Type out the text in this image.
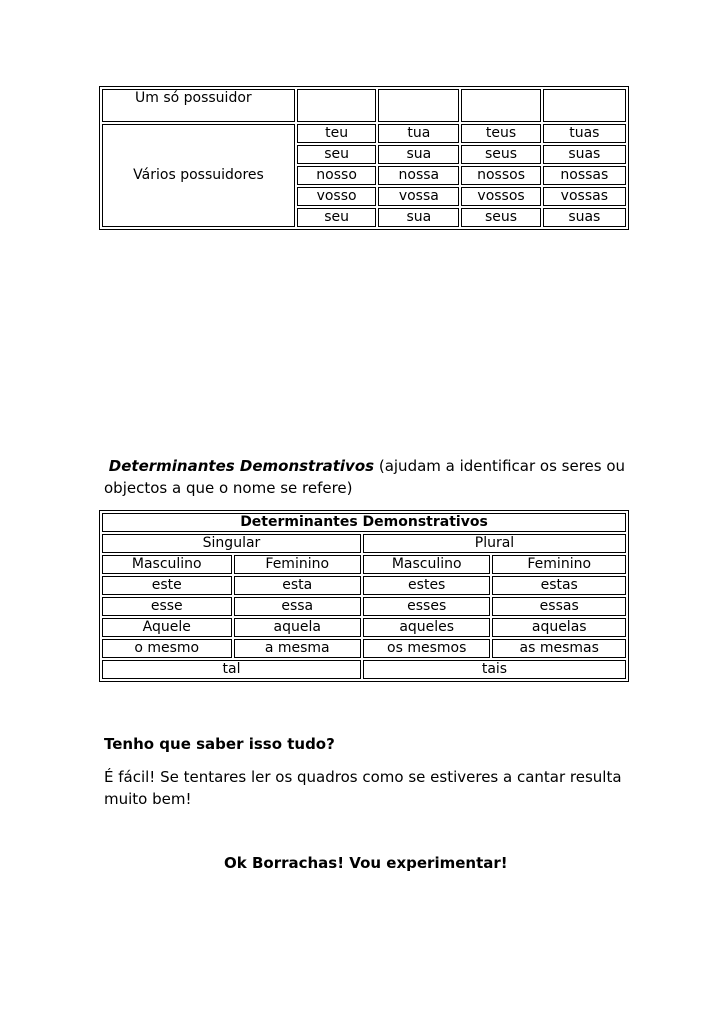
Um só possuidor				
Vários possuidores	teu	tua	teus	tuas
	seu	sua	seus	suas
	nosso	nossa	nossos	nossas
	vosso	vossa	vossos	vossas
	seu	sua	seus	suas

Determinantes Demonstrativos (ajudam a identificar os seres ou objectos a que o nome se refere)

Determinantes Demonstrativos			
Singular		Plural	
Masculino	Feminino	Masculino	Feminino
este	esta	estes	estas
esse	essa	esses	essas
Aquele	aquela	aqueles	aquelas
o mesmo	a mesma	os mesmos	as mesmas
tal		tais	

Tenho que saber isso tudo?

É fácil! Se tentares ler os quadros como se estiveres a cantar resulta muito bem!

Ok Borrachas! Vou experimentar!
